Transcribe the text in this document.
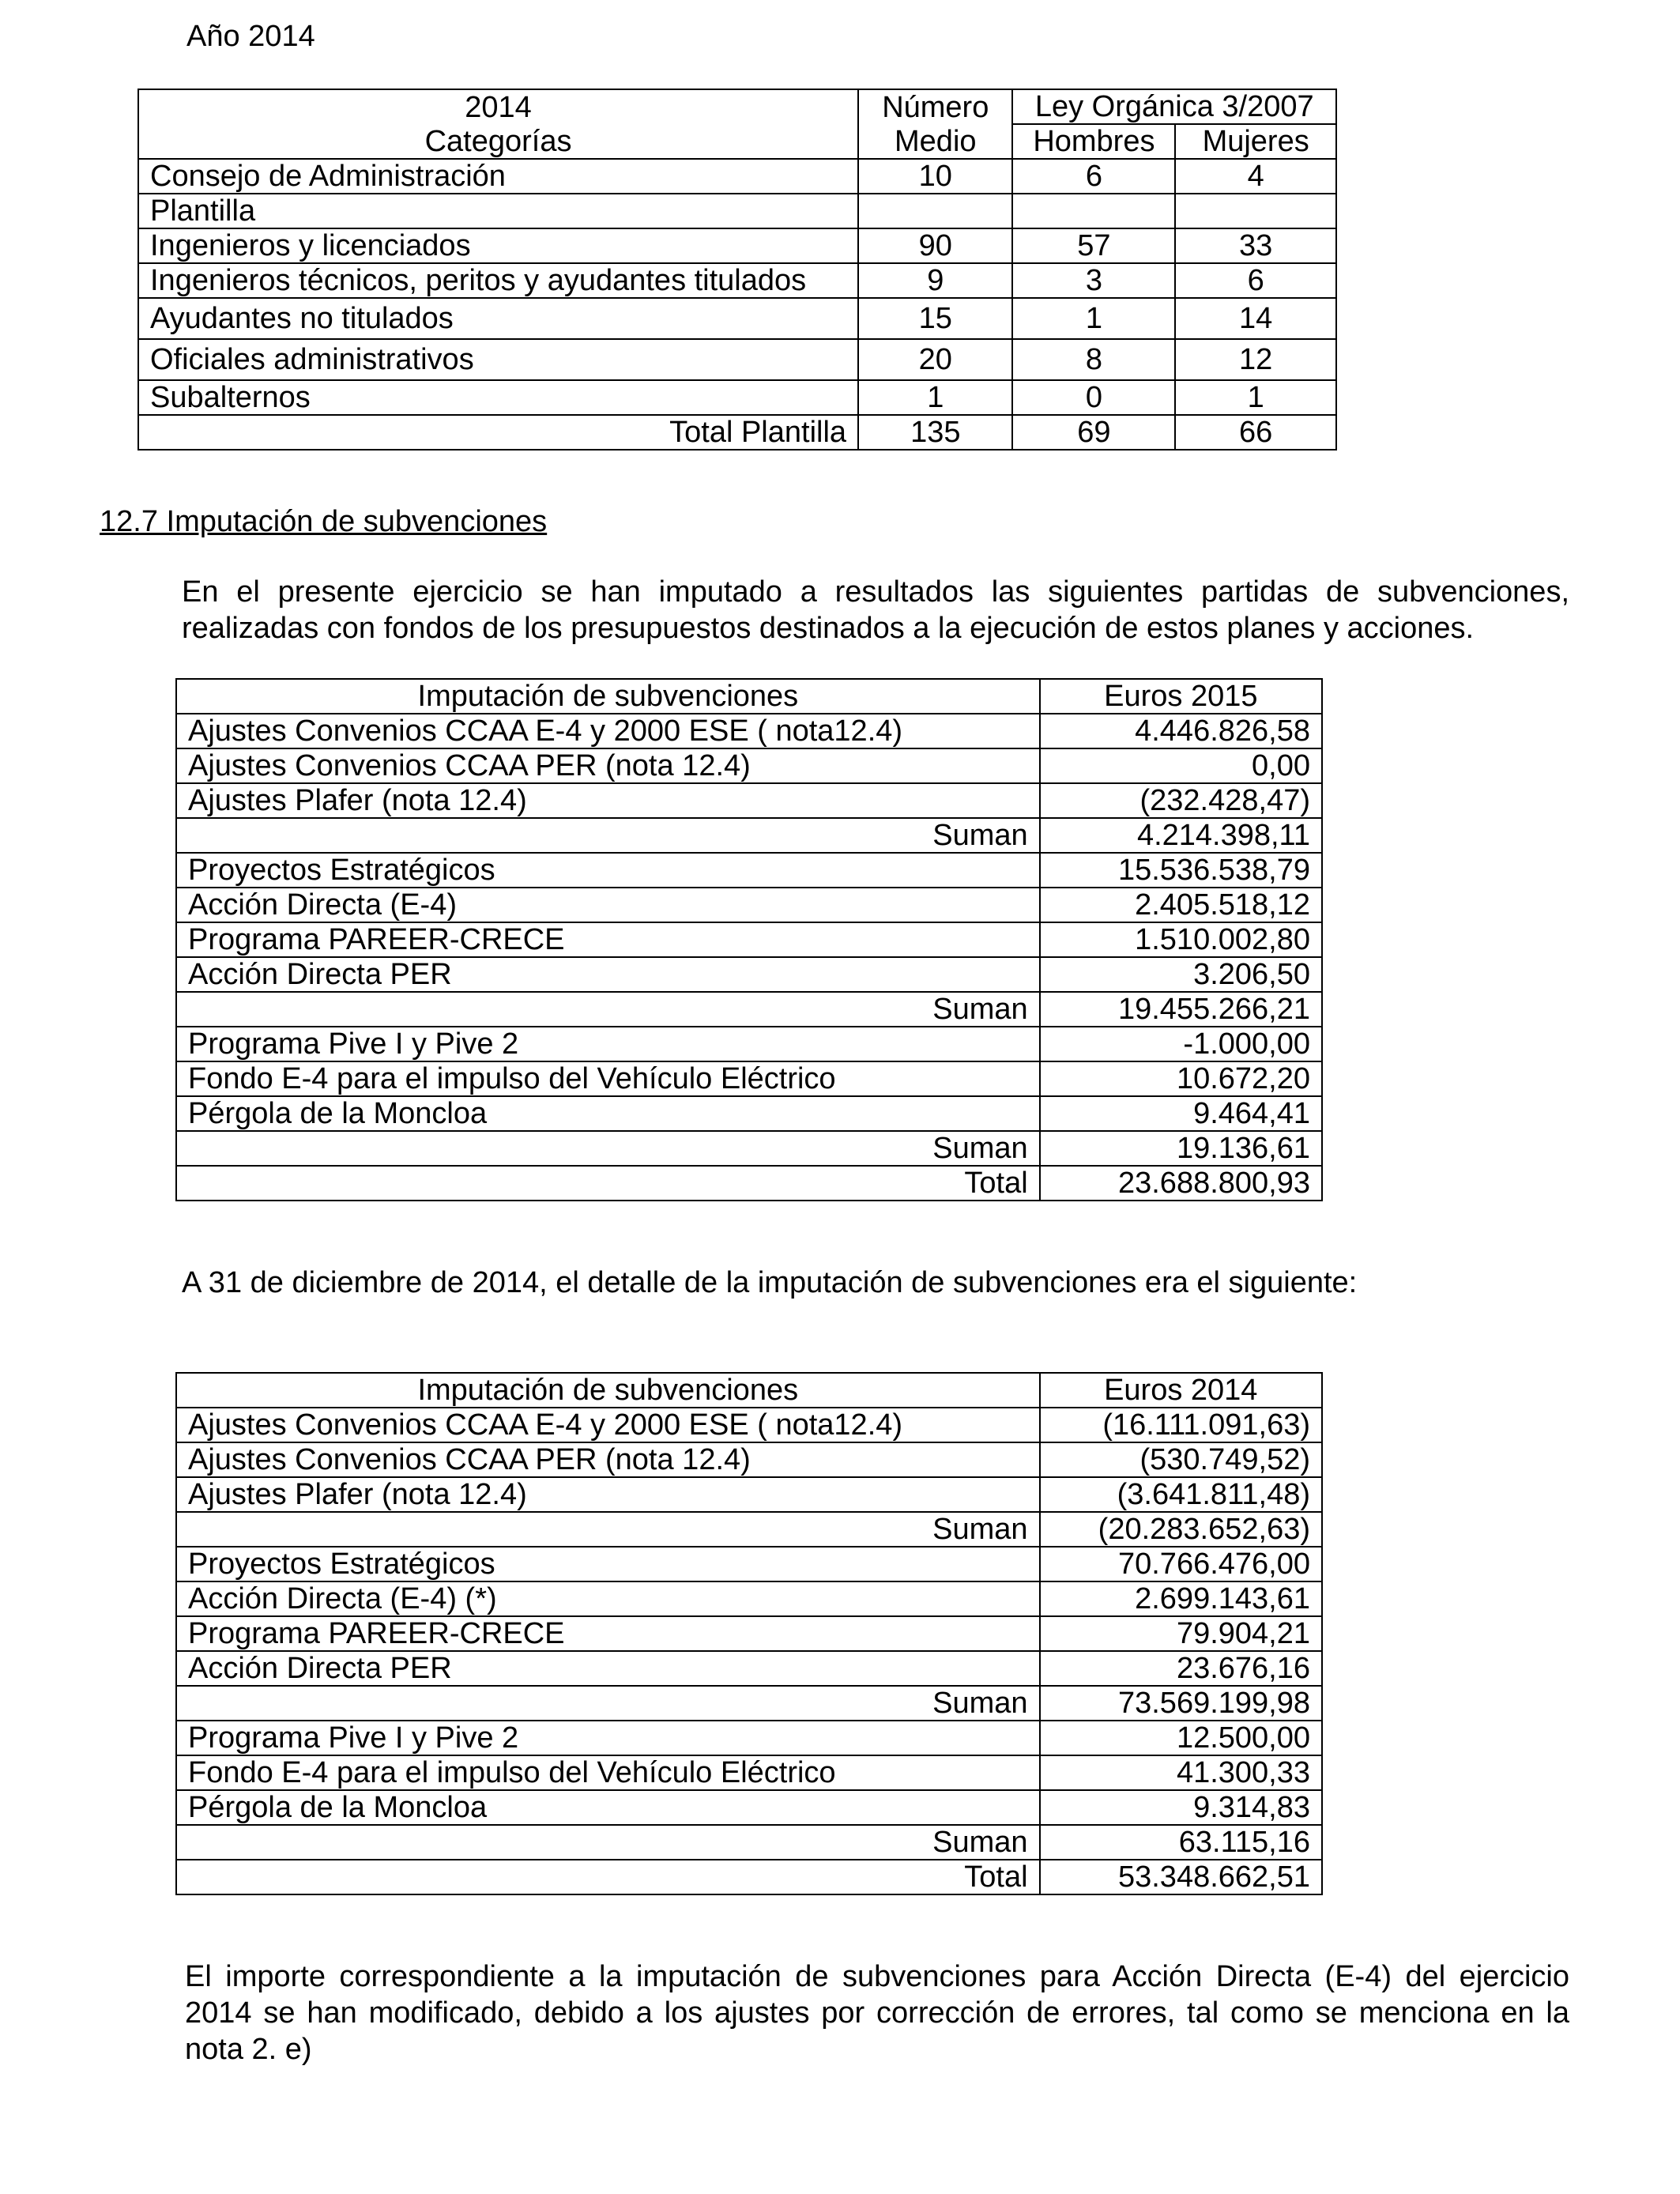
Año 2014
2014	Número	Ley Orgánica 3/2007	
Categorías	Medio	Hombres	Mujeres
Consejo de Administración	10	6	4
Plantilla			
Ingenieros y licenciados	90	57	33
Ingenieros técnicos, peritos y ayudantes titulados	9	3	6
Ayudantes no titulados	15	1	14
Oficiales administrativos	20	8	12
Subalternos	1	0	1
Total Plantilla	135	69	66
12.7 Imputación de subvenciones

En el presente ejercicio se han imputado a resultados las siguientes partidas de subvenciones,

realizadas con fondos de los presupuestos destinados a la ejecución de estos planes y acciones.

Imputación de subvenciones	Euros 2015
Ajustes Convenios CCAA E-4 y 2000 ESE ( nota12.4)	4.446.826,58
Ajustes Convenios CCAA PER (nota 12.4)	0,00
Ajustes Plafer (nota 12.4)	(232.428,47)
Suman	4.214.398,11
Proyectos Estratégicos	15.536.538,79
Acción Directa (E-4)	2.405.518,12
Programa PAREER-CRECE	1.510.002,80
Acción Directa PER	3.206,50
Suman	19.455.266,21
Programa Pive I y Pive 2	-1.000,00
Fondo E-4 para el impulso del Vehículo Eléctrico	10.672,20
Pérgola de la Moncloa	9.464,41
Suman	19.136,61
Total	23.688.800,93
A 31 de diciembre de 2014, el detalle de la imputación de subvenciones era el siguiente:
Imputación de subvenciones	Euros 2014
Ajustes Convenios CCAA E-4 y 2000 ESE ( nota12.4)	(16.111.091,63)
Ajustes Convenios CCAA PER (nota 12.4)	(530.749,52)
Ajustes Plafer (nota 12.4)	(3.641.811,48)
Suman	(20.283.652,63)
Proyectos Estratégicos	70.766.476,00
Acción Directa (E-4) (*)	2.699.143,61
Programa PAREER-CRECE	79.904,21
Acción Directa PER	23.676,16
Suman	73.569.199,98
Programa Pive I y Pive 2	12.500,00
Fondo E-4 para el impulso del Vehículo Eléctrico	41.300,33
Pérgola de la Moncloa	9.314,83
Suman	63.115,16
Total	53.348.662,51
El importe correspondiente a la imputación de subvenciones para Acción Directa (E-4) del ejercicio 2014 se han modificado, debido a los ajustes por corrección de errores, tal como se menciona en la nota 2. e)
